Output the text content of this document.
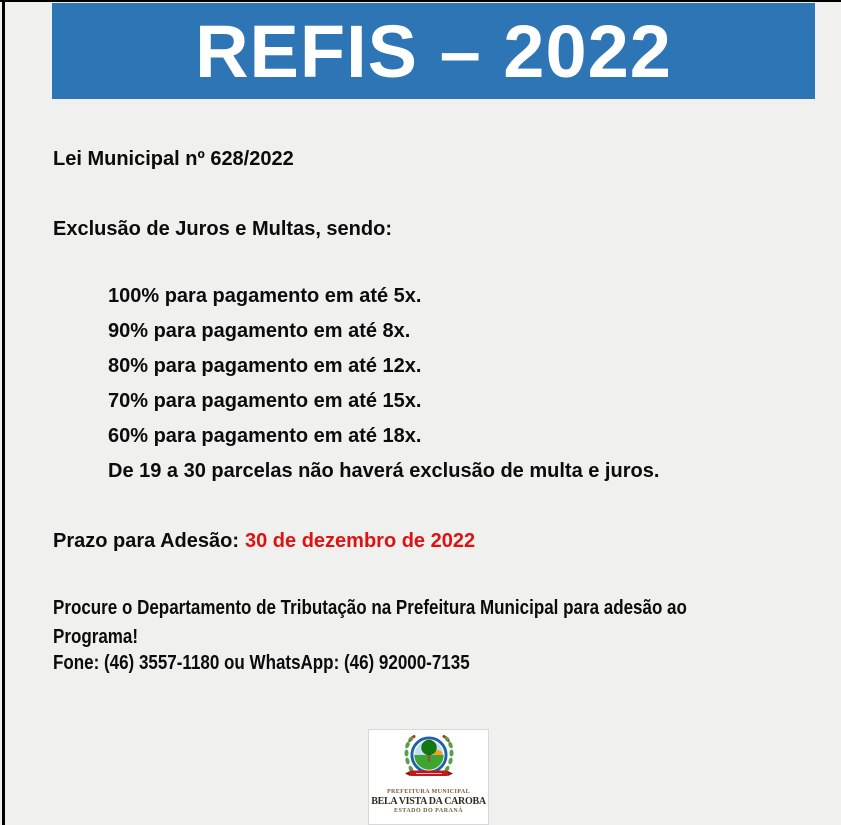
REFIS – 2022
Lei Municipal nº 628/2022
Exclusão de Juros e Multas, sendo:
100% para pagamento em até 5x.
90% para pagamento em até 8x.
80% para pagamento em até 12x.
70% para pagamento em até 15x.
60% para pagamento em até 18x.
De 19 a 30 parcelas não haverá exclusão de multa e juros.
Prazo para Adesão: 30 de dezembro de 2022
Procure o Departamento de Tributação na Prefeitura Municipal para adesão ao Programa!
Fone: (46) 3557-1180 ou WhatsApp: (46) 92000-7135
PREFEITURA MUNICIPAL
BELA VISTA DA CAROBA
ESTADO DO PARANÁ
